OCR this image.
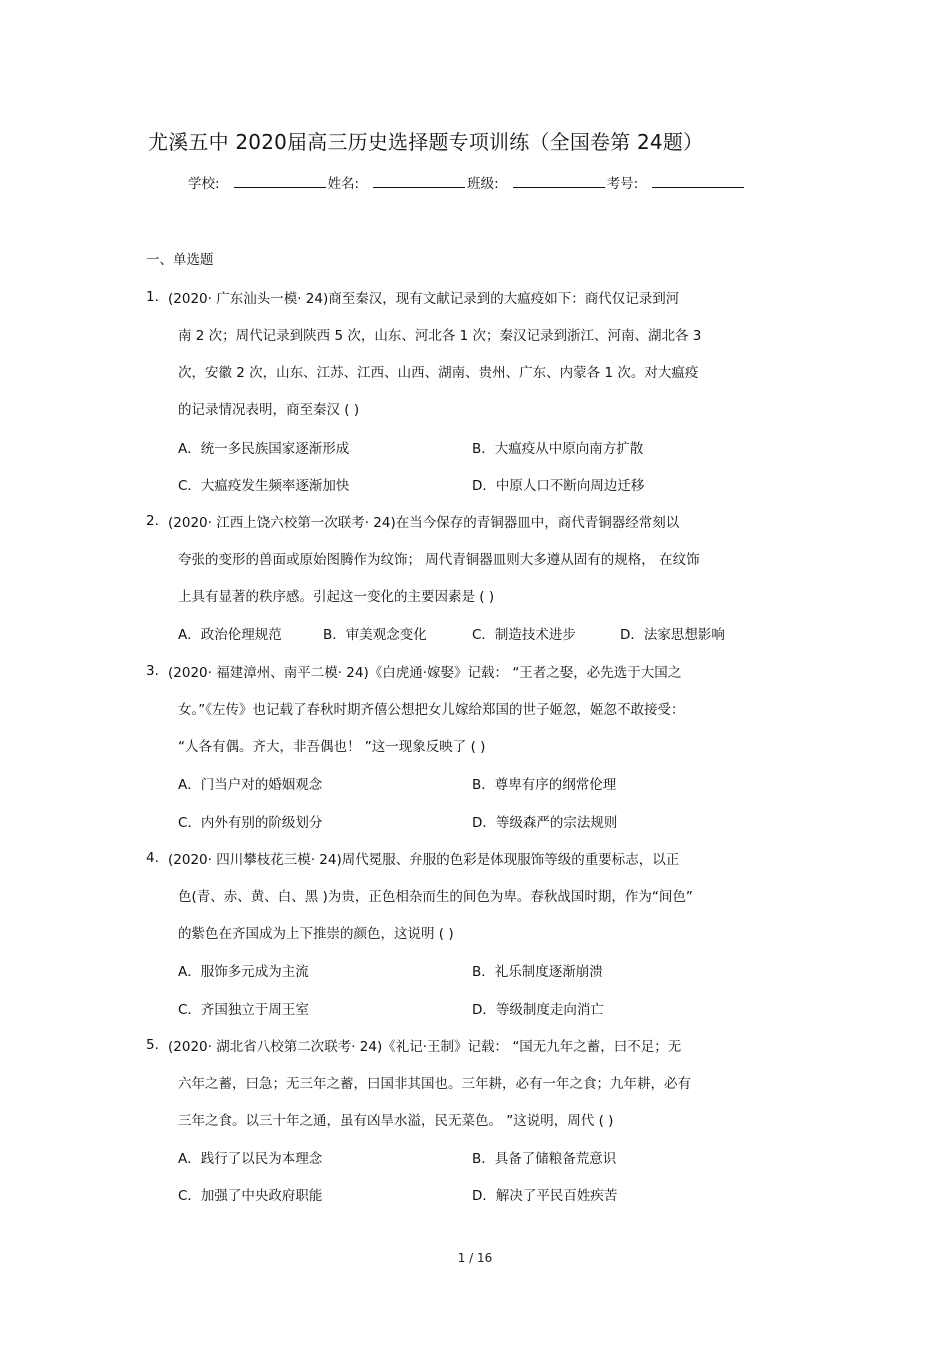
尤溪五中 2020届高三历史选择题专项训练（全国卷第 24题）
学校:	姓名:	班级:	考号:
一、单选题
1. (2020· 广东汕头一模· 24)商至秦汉，现有文献记录到的大瘟疫如下：商代仅记录到河
南 2 次；周代记录到陕西 5 次，山东、河北各 1 次；秦汉记录到浙江、河南、湖北各 3
次，安徽 2 次，山东、江苏、江西、山西、湖南、贵州、广东、内蒙各 1 次。对大瘟疫
的记录情况表明，商至秦汉 ( )
A．统一多民族国家逐渐形成	B．大瘟疫从中原向南方扩散
C．大瘟疫发生频率逐渐加快	D．中原人口不断向周边迁移
2. (2020· 江西上饶六校第一次联考· 24)在当今保存的青铜器皿中，商代青铜器经常刻以
夸张的变形的兽面或原始图腾作为纹饰； 周代青铜器皿则大多遵从固有的规格， 在纹饰
上具有显著的秩序感。引起这一变化的主要因素是 ( )
A．政治伦理规范	B．审美观念变化	C．制造技术进步	D．法家思想影响
3. (2020· 福建漳州、南平二模· 24)《白虎通·嫁娶》记载： “王者之娶，必先选于大国之
女。”《左传》也记载了春秋时期齐僖公想把女儿嫁给郑国的世子姬忽，姬忽不敢接受：
“人各有偶。齐大，非吾偶也！ ”这一现象反映了 ( )
A．门当户对的婚姻观念	B．尊卑有序的纲常伦理
C．内外有别的阶级划分	D．等级森严的宗法规则
4. (2020· 四川攀枝花三模· 24)周代冕服、弁服的色彩是体现服饰等级的重要标志，以正
色(青、赤、黄、白、黑 )为贵，正色相杂而生的间色为卑。春秋战国时期，作为“间色”
的紫色在齐国成为上下推崇的颜色，这说明 ( )
A．服饰多元成为主流	B．礼乐制度逐渐崩溃
C．齐国独立于周王室	D．等级制度走向消亡
5. (2020· 湖北省八校第二次联考· 24)《礼记·王制》记载： “国无九年之蓄，曰不足；无
六年之蓄，曰急；无三年之蓄，曰国非其国也。三年耕，必有一年之食；九年耕，必有
三年之食。以三十年之通，虽有凶旱水溢，民无菜色。 ”这说明，周代 ( )
A．践行了以民为本理念	B．具备了储粮备荒意识
C．加强了中央政府职能	D．解决了平民百姓疾苦
1 / 16
